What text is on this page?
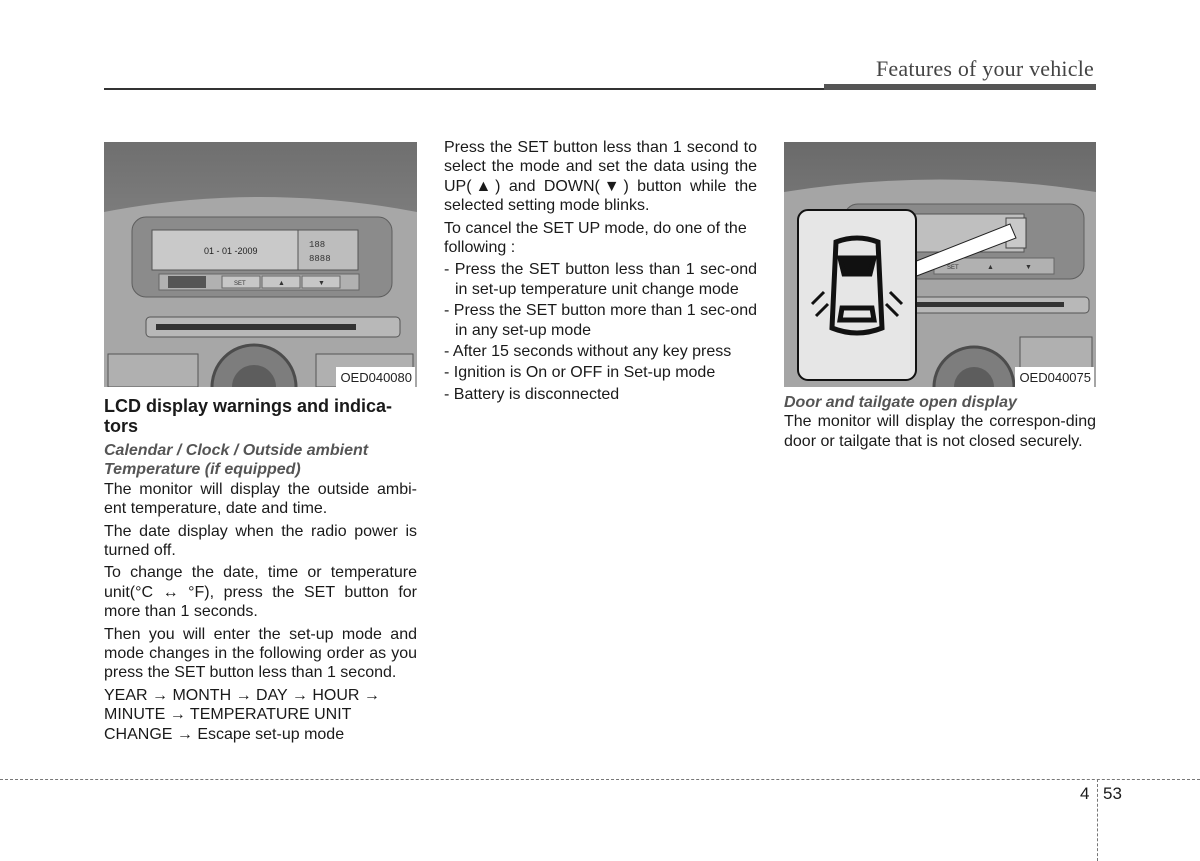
Features of your vehicle
01 - 01 -2009
188
8888
SET	▲	▼
OED040080
LCD display warnings and indica-tors
Calendar / Clock / Outside ambient Temperature (if equipped)

The monitor will display the outside ambi-ent temperature, date and time.

The date display when the radio power is turned off.

To change the date, time or temperature unit(°C ↔ °F), press the SET button for more than 1 seconds.

Then you will enter the set-up mode and mode changes in the following order as you press the SET button less than 1 second.

YEAR → MONTH → DAY → HOUR → MINUTE → TEMPERATURE UNIT CHANGE → Escape set-up mode

Press the SET button less than 1 second to select the mode and set the data using the UP(▲) and DOWN(▼) button while the selected setting mode blinks.

To cancel the SET UP mode, do one of the following :

- Press the SET button less than 1 sec-ond in set-up temperature unit change mode
- Press the SET button more than 1 sec-ond in any set-up mode
- After 15 seconds without any key press
- Ignition is On or OFF in Set-up mode
- Battery is disconnected
SET	▲	▼
OED040075
Door and tailgate open display

The monitor will display the correspon-ding door or tailgate that is not closed securely.

4 53
